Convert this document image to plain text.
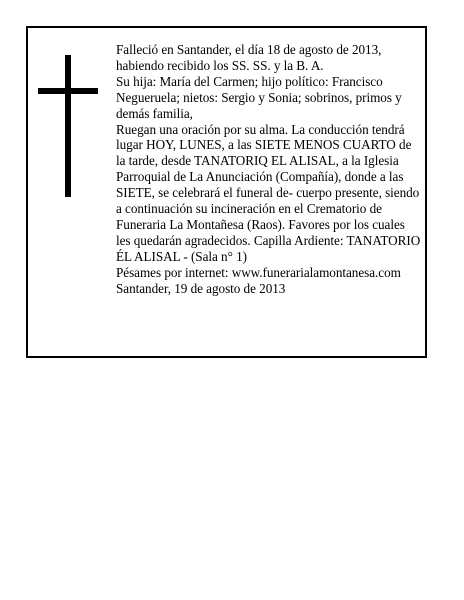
Falleció en Santander, el día 18 de agosto de 2013, habiendo recibido los SS. SS. y la B. A.

Su hija: María del Carmen; hijo político: Francisco Negueruela; nietos: Sergio y Sonia; sobrinos, primos y demás familia,

Ruegan una oración por su alma. La conducción tendrá lugar HOY, LUNES, a las SIETE MENOS CUARTO de la tarde, desde TANATORIQ EL ALISAL, a la Iglesia Parroquial de La Anunciación (Compañía), donde a las SIETE, se celebrará el funeral de- cuerpo presente, siendo a continuación su incineración en el Crematorio de Funeraria La Montañesa (Raos). Favores por los cuales les quedarán agradecidos. Capilla Ardiente: TANATORIO ÉL ALISAL - (Sala n° 1)

Pésames por internet: www.funerarialamontanesa.com

Santander, 19 de agosto de 2013
